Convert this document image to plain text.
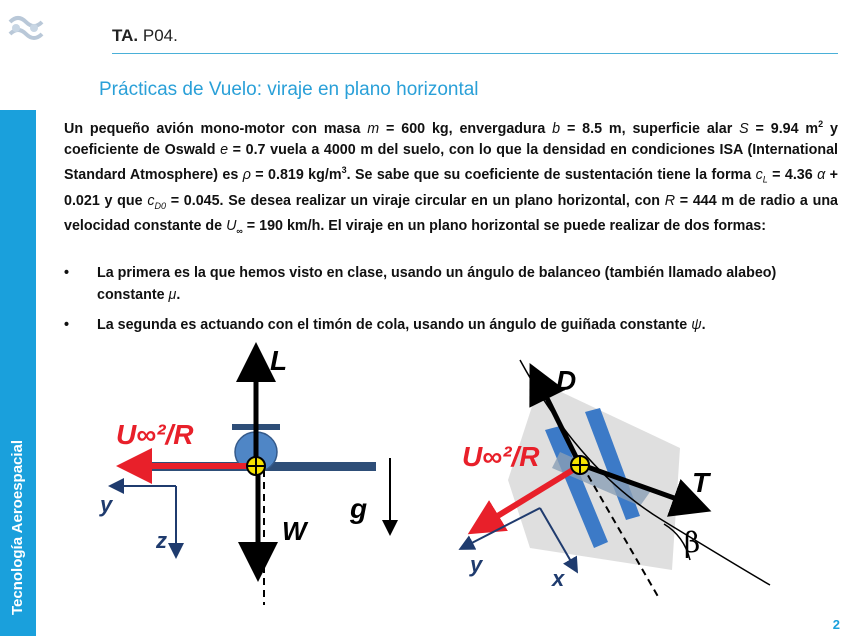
TA. P04.
Tecnología Aeroespacial
Prácticas de Vuelo: viraje en plano horizontal
Un pequeño avión mono-motor con masa m = 600 kg, envergadura b = 8.5 m, superficie alar S = 9.94 $m^2$ y coeficiente de Oswald e = 0.7 vuela a 4000 m del suelo, con lo que la densidad en condiciones ISA (International Standard Atmosphere) es ρ = 0.819 $kg/m^3$. Se sabe que su coeficiente de sustentación tiene la forma $c_L = 4.36$ α + 0.021 y que $c_{D0} = 0.045$. Se desea realizar un viraje circular en un plano horizontal, con R = 444 m de radio a una velocidad constante de $U_\infty = 190$ km/h. El viraje en un plano horizontal se puede realizar de dos formas:
•	La primera es la que hemos visto en clase, usando un ángulo de balanceo (también llamado alabeo) constante μ.
•	La segunda es actuando con el timón de cola, usando un ángulo de guiñada constante ψ.
L
W
U∞²/R
g
y
z
D
T
U∞²/R
β
y
x
2
